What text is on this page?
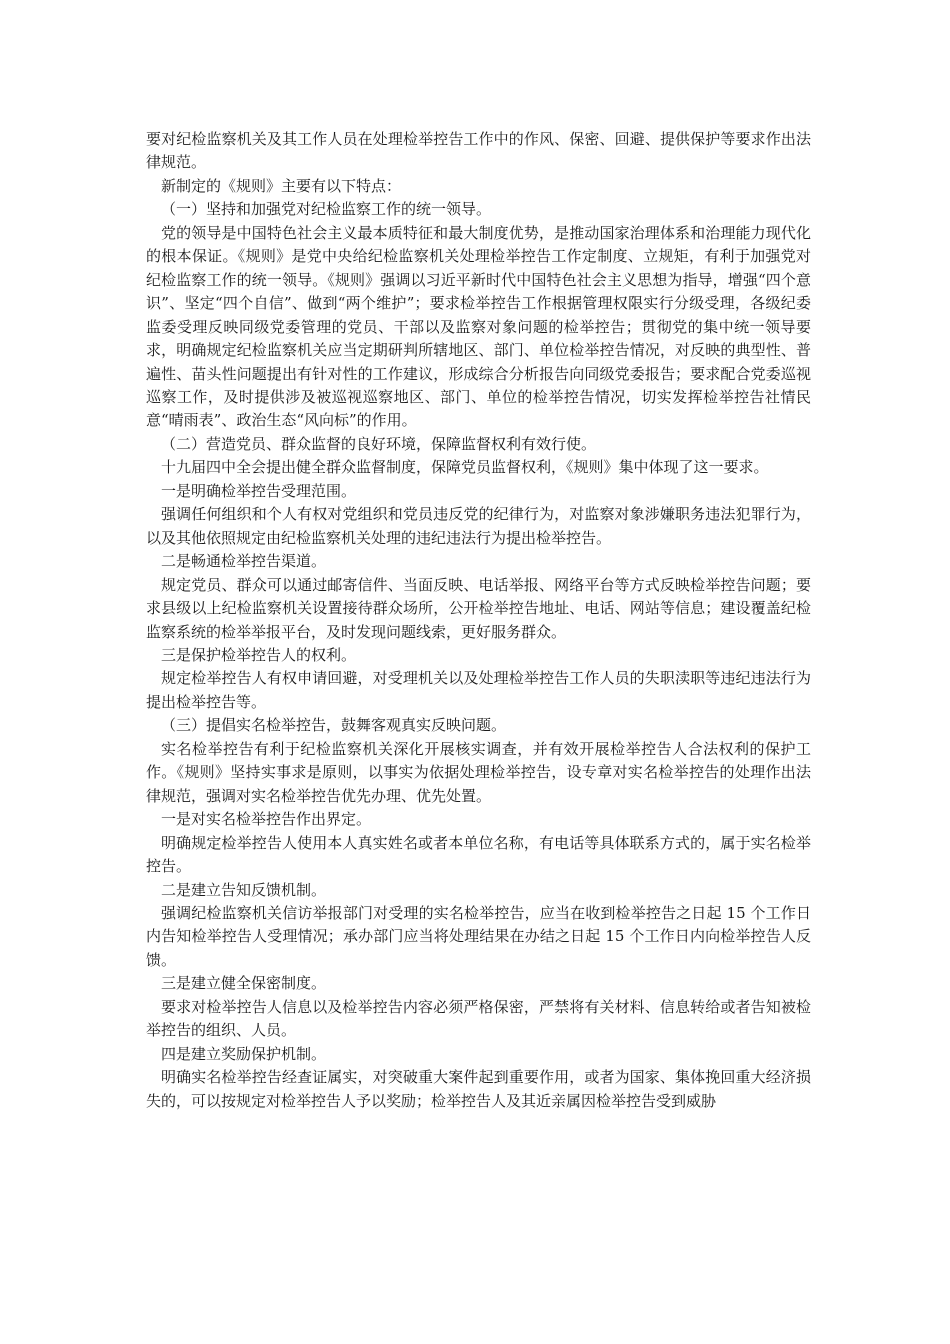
要对纪检监察机关及其工作人员在处理检举控告工作中的作风、保密、回避、提供保护等要求作出法律规范。

新制定的《规则》主要有以下特点：

（一）坚持和加强党对纪检监察工作的统一领导。

党的领导是中国特色社会主义最本质特征和最大制度优势，是推动国家治理体系和治理能力现代化的根本保证。《规则》是党中央给纪检监察机关处理检举控告工作定制度、立规矩，有利于加强党对纪检监察工作的统一领导。《规则》强调以习近平新时代中国特色社会主义思想为指导，增强“四个意识”、坚定“四个自信”、做到“两个维护”；要求检举控告工作根据管理权限实行分级受理，各级纪委监委受理反映同级党委管理的党员、干部以及监察对象问题的检举控告；贯彻党的集中统一领导要求，明确规定纪检监察机关应当定期研判所辖地区、部门、单位检举控告情况，对反映的典型性、普遍性、苗头性问题提出有针对性的工作建议，形成综合分析报告向同级党委报告；要求配合党委巡视巡察工作，及时提供涉及被巡视巡察地区、部门、单位的检举控告情况，切实发挥检举控告社情民意“晴雨表”、政治生态“风向标”的作用。

（二）营造党员、群众监督的良好环境，保障监督权利有效行使。

十九届四中全会提出健全群众监督制度，保障党员监督权利，《规则》集中体现了这一要求。

一是明确检举控告受理范围。

强调任何组织和个人有权对党组织和党员违反党的纪律行为，对监察对象涉嫌职务违法犯罪行为，以及其他依照规定由纪检监察机关处理的违纪违法行为提出检举控告。

二是畅通检举控告渠道。

规定党员、群众可以通过邮寄信件、当面反映、电话举报、网络平台等方式反映检举控告问题；要求县级以上纪检监察机关设置接待群众场所，公开检举控告地址、电话、网站等信息；建设覆盖纪检监察系统的检举举报平台，及时发现问题线索，更好服务群众。

三是保护检举控告人的权利。

规定检举控告人有权申请回避，对受理机关以及处理检举控告工作人员的失职渎职等违纪违法行为提出检举控告等。

（三）提倡实名检举控告，鼓舞客观真实反映问题。

实名检举控告有利于纪检监察机关深化开展核实调查，并有效开展检举控告人合法权利的保护工作。《规则》坚持实事求是原则，以事实为依据处理检举控告，设专章对实名检举控告的处理作出法律规范，强调对实名检举控告优先办理、优先处置。

一是对实名检举控告作出界定。

明确规定检举控告人使用本人真实姓名或者本单位名称，有电话等具体联系方式的，属于实名检举控告。

二是建立告知反馈机制。

强调纪检监察机关信访举报部门对受理的实名检举控告，应当在收到检举控告之日起 15 个工作日内告知检举控告人受理情况；承办部门应当将处理结果在办结之日起 15 个工作日内向检举控告人反馈。

三是建立健全保密制度。

要求对检举控告人信息以及检举控告内容必须严格保密，严禁将有关材料、信息转给或者告知被检举控告的组织、人员。

四是建立奖励保护机制。

明确实名检举控告经查证属实，对突破重大案件起到重要作用，或者为国家、集体挽回重大经济损失的，可以按规定对检举控告人予以奖励；检举控告人及其近亲属因检举控告受到威胁
